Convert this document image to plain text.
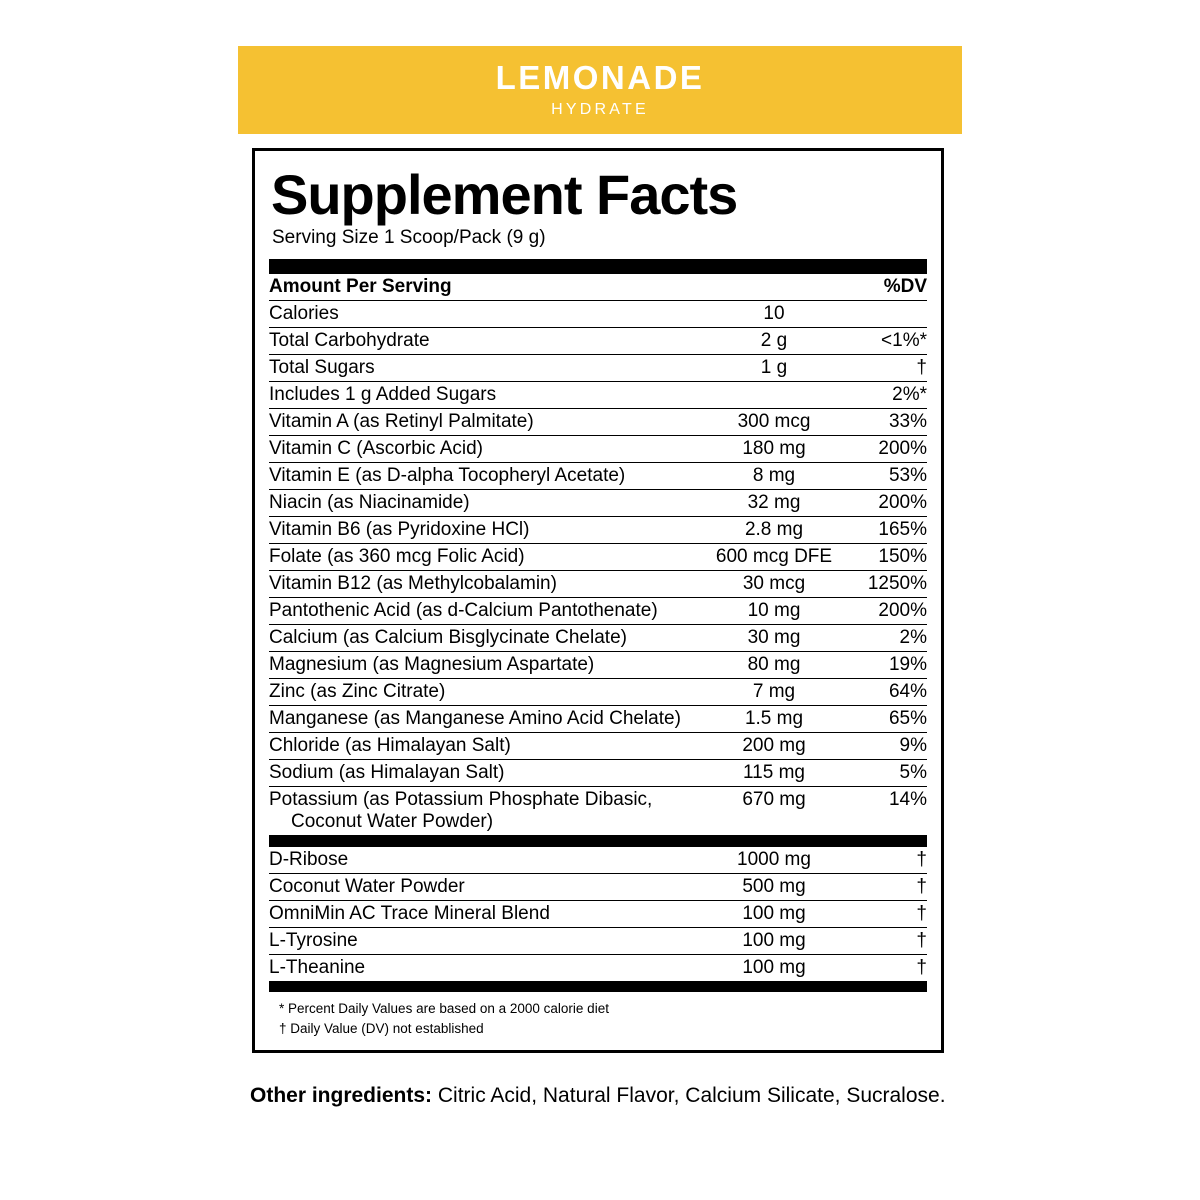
LEMONADE
HYDRATE
Supplement Facts
Serving Size 1 Scoop/Pack (9 g)
Amount Per Serving		%DV
Calories	10	
Total Carbohydrate	2 g	<1%*
Total Sugars	1 g	†
Includes 1 g Added Sugars		2%*
Vitamin A (as Retinyl Palmitate)	300 mcg	33%
Vitamin C (Ascorbic Acid)	180 mg	200%
Vitamin E (as D-alpha Tocopheryl Acetate)	8 mg	53%
Niacin (as Niacinamide)	32 mg	200%
Vitamin B6 (as Pyridoxine HCl)	2.8 mg	165%
Folate (as 360 mcg Folic Acid)	600 mcg DFE	150%
Vitamin B12 (as Methylcobalamin)	30 mcg	1250%
Pantothenic Acid (as d-Calcium Pantothenate)	10 mg	200%
Calcium (as Calcium Bisglycinate Chelate)	30 mg	2%
Magnesium (as Magnesium Aspartate)	80 mg	19%
Zinc (as Zinc Citrate)	7 mg	64%
Manganese (as Manganese Amino Acid Chelate)	1.5 mg	65%
Chloride (as Himalayan Salt)	200 mg	9%
Sodium (as Himalayan Salt)	115 mg	5%
Potassium (as Potassium Phosphate Dibasic,
Coconut Water Powder)	670 mg	14%
D-Ribose	1000 mg	†
Coconut Water Powder	500 mg	†
OmniMin AC Trace Mineral Blend	100 mg	†
L-Tyrosine	100 mg	†
L-Theanine	100 mg	†
* Percent Daily Values are based on a 2000 calorie diet
† Daily Value (DV) not established
Other ingredients: Citric Acid, Natural Flavor, Calcium Silicate, Sucralose.
